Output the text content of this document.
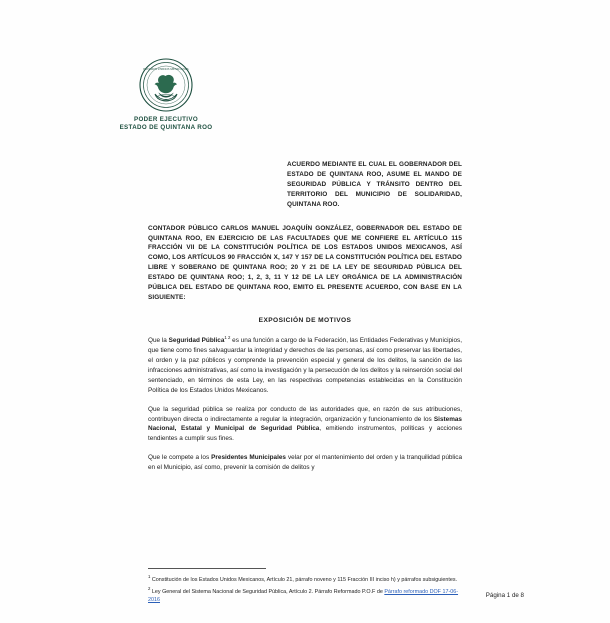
ESTADOS UNIDOS MEXICANOS
PODER EJECUTIVO
ESTADO DE QUINTANA ROO
ACUERDO MEDIANTE EL CUAL EL GOBERNADOR DEL ESTADO DE QUINTANA ROO, ASUME EL MANDO DE SEGURIDAD PÚBLICA Y TRÁNSITO DENTRO DEL TERRITORIO DEL MUNICIPIO DE SOLIDARIDAD, QUINTANA ROO.
CONTADOR PÚBLICO CARLOS MANUEL JOAQUÍN GONZÁLEZ, GOBERNADOR DEL ESTADO DE QUINTANA ROO, EN EJERCICIO DE LAS FACULTADES QUE ME CONFIERE EL ARTÍCULO 115 FRACCIÓN VII DE LA CONSTITUCIÓN POLÍTICA DE LOS ESTADOS UNIDOS MEXICANOS, ASÍ COMO, LOS ARTÍCULOS 90 FRACCIÓN X, 147 Y 157 DE LA CONSTITUCIÓN POLÍTICA DEL ESTADO LIBRE Y SOBERANO DE QUINTANA ROO; 20 Y 21 DE LA LEY DE SEGURIDAD PÚBLICA DEL ESTADO DE QUINTANA ROO; 1, 2, 3, 11 Y 12 DE LA LEY ORGÁNICA DE LA ADMINISTRACIÓN PÚBLICA DEL ESTADO DE QUINTANA ROO, EMITO EL PRESENTE ACUERDO, CON BASE EN LA SIGUIENTE:
EXPOSICIÓN DE MOTIVOS
Que la Seguridad Pública$^{1 2}$ es una función a cargo de la Federación, las Entidades Federativas y Municipios, que tiene como fines salvaguardar la integridad y derechos de las personas, así como preservar las libertades, el orden y la paz públicos y comprende la prevención especial y general de los delitos, la sanción de las infracciones administrativas, así como la investigación y la persecución de los delitos y la reinserción social del sentenciado, en términos de esta Ley, en las respectivas competencias establecidas en la Constitución Política de los Estados Unidos Mexicanos.
Que la seguridad pública se realiza por conducto de las autoridades que, en razón de sus atribuciones, contribuyen directa o indirectamente a regular la integración, organización y funcionamiento de los Sistemas Nacional, Estatal y Municipal de Seguridad Pública, emitiendo instrumentos, políticas y acciones tendientes a cumplir sus fines.
Que le compete a los Presidentes Municipales velar por el mantenimiento del orden y la tranquilidad pública en el Municipio, así como, prevenir la comisión de delitos y
$^1$ Constitución de los Estados Unidos Mexicanos, Artículo 21, párrafo noveno y 115 Fracción III inciso h) y párrafos subsiguientes.
$^2$ Ley General del Sistema Nacional de Seguridad Pública, Artículo 2. Párrafo Reformado P.O.F de Párrafo reformado DOF 17-06-2016
Página 1 de 8
